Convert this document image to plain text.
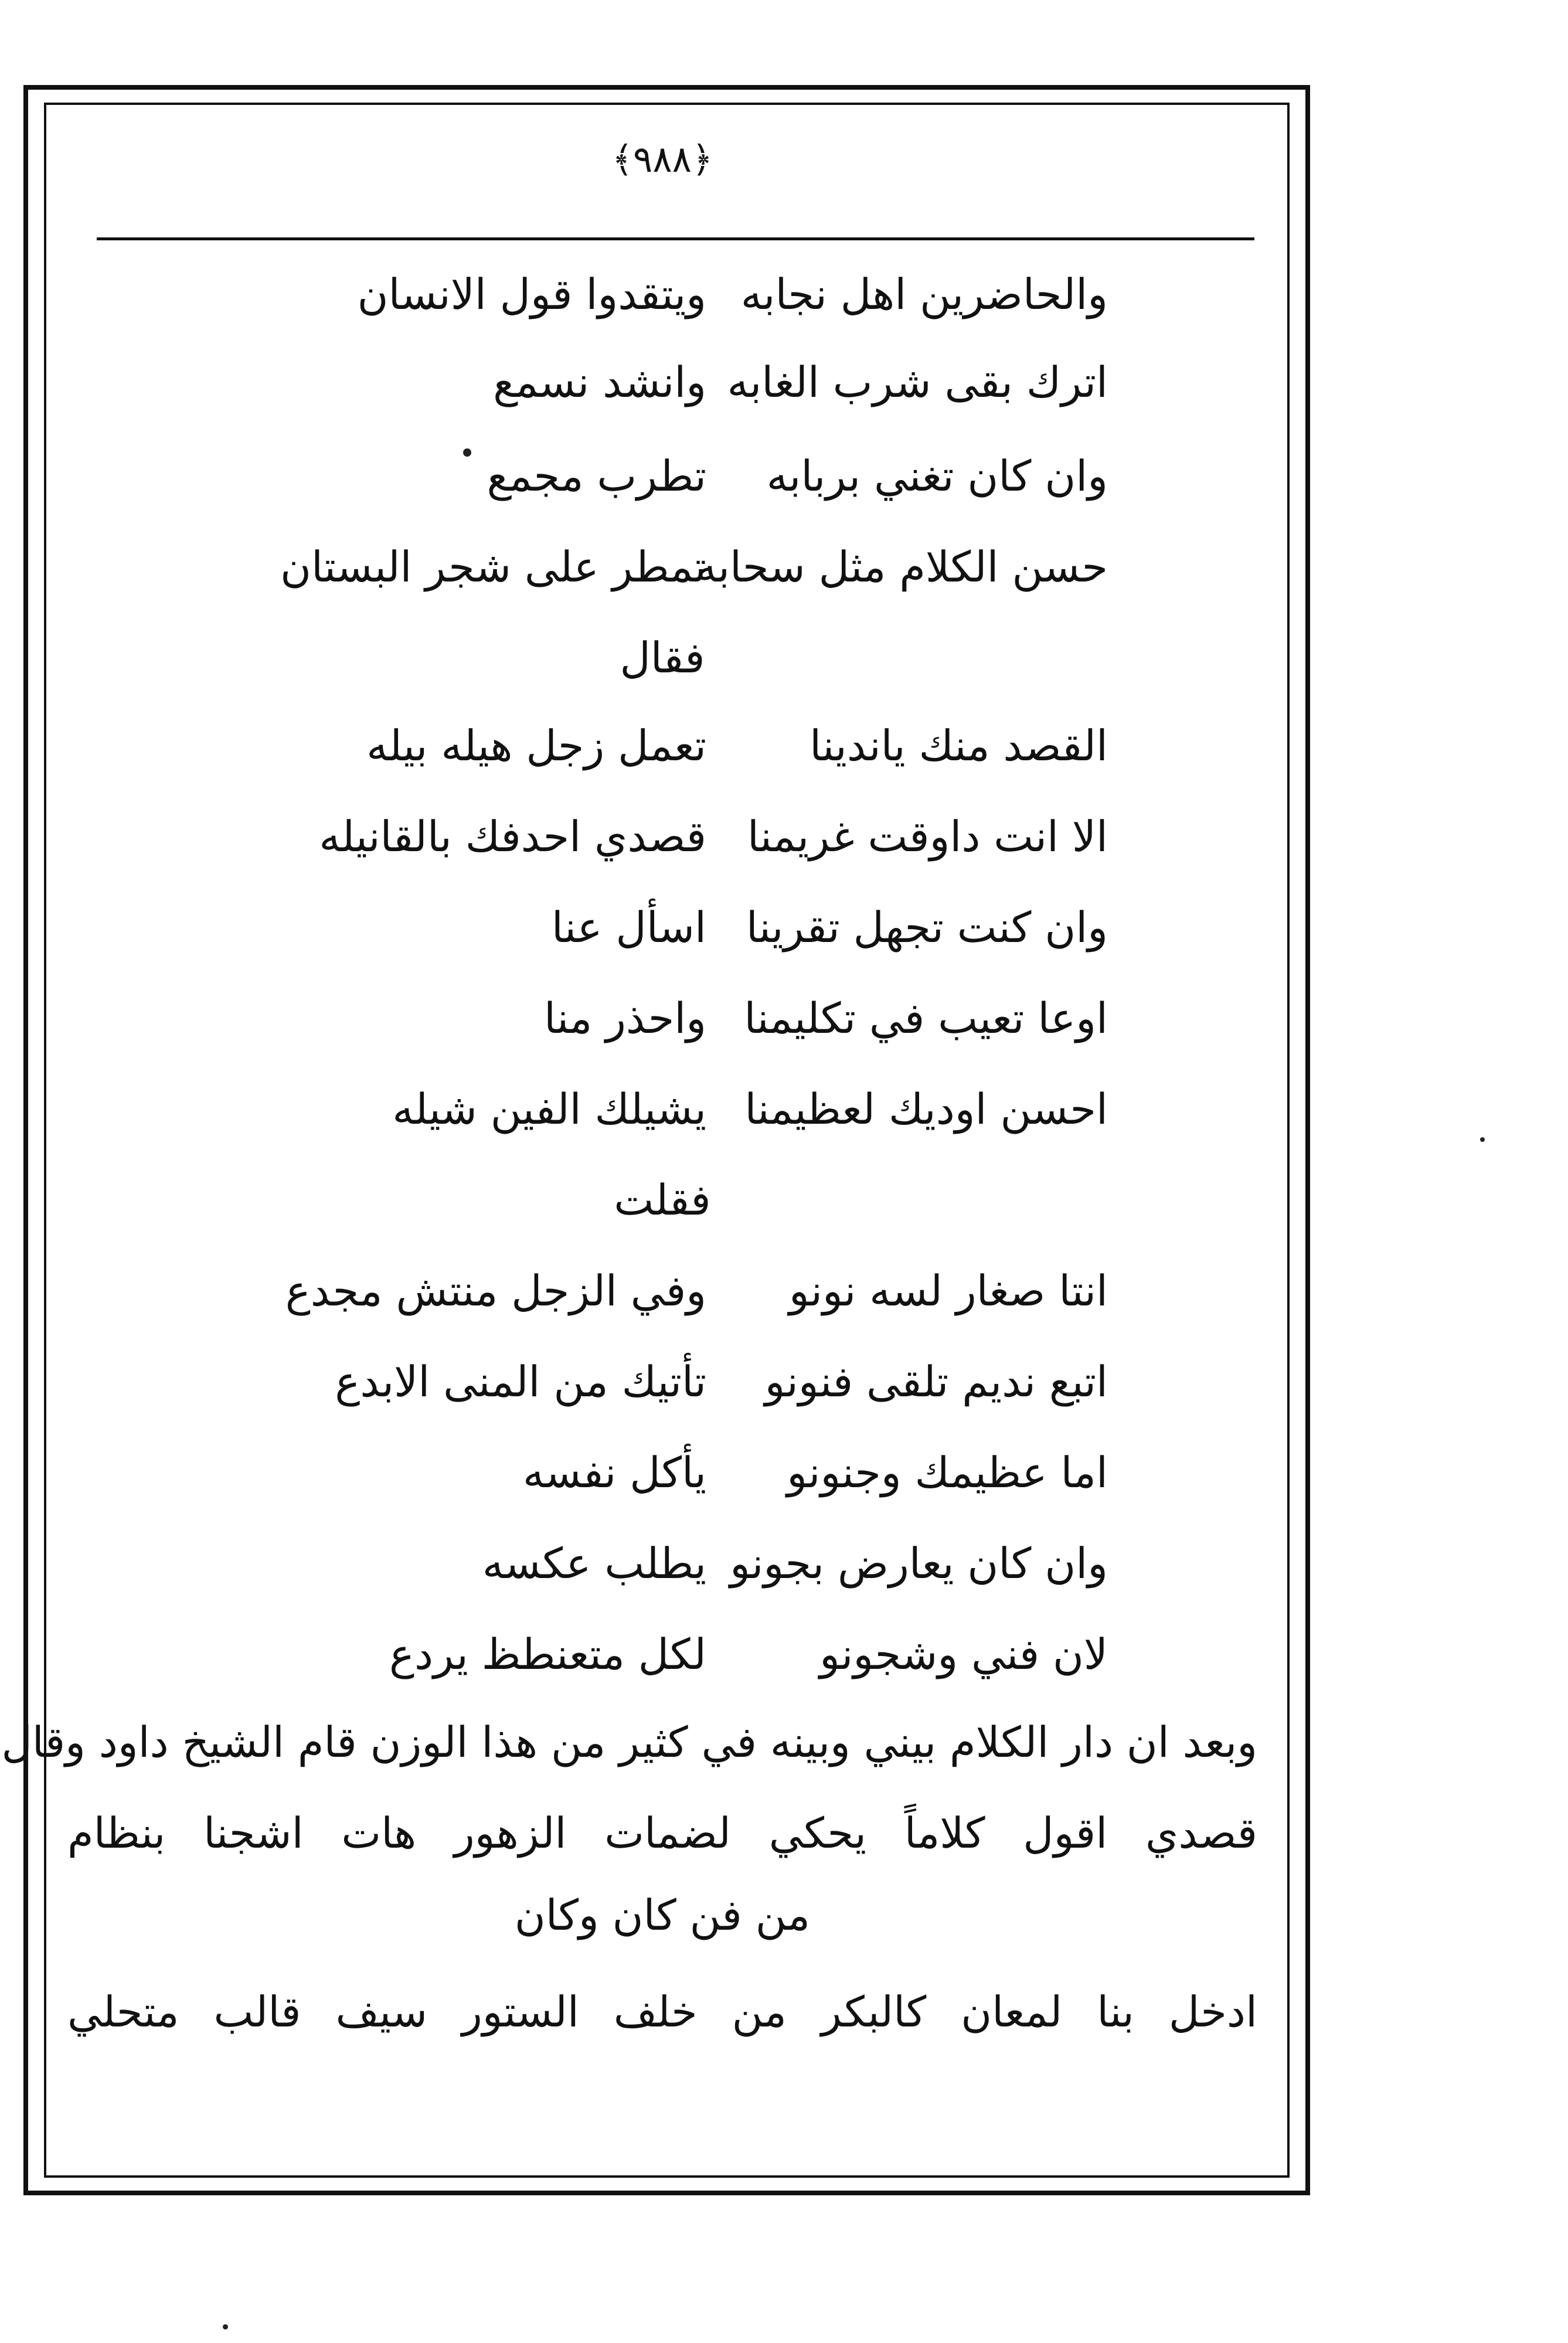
﴿٩٨٨﴾
والحاضرين اهل نجابه
ويتقدوا قول الانسان
اترك بقى شرب الغابه
وانشد نسمع
وان كان تغني بربابه
تطرب مجمع
حسن الكلام مثل سحابه
تمطر على شجر البستان
فقال
القصد منك ياندينا
تعمل زجل هيله بيله
الا انت داوقت غريمنا
قصدي احدفك بالقانيله
وان كنت تجهل تقرينا
اسأل عنا
اوعا تعيب في تكليمنا
واحذر منا
احسن اوديك لعظيمنا
يشيلك الفين شيله
فقلت
انتا صغار لسه نونو
وفي الزجل منتش مجدع
اتبع نديم تلقى فنونو
تأتيك من المنى الابدع
اما عظيمك وجنونو
يأكل نفسه
وان كان يعارض بجونو
يطلب عكسه
لان فني وشجونو
لكل متعنطظ يردع
وبعد ان دار الكلام بيني وبينه في كثير من هذا الوزن قام الشيخ داود وقال
قصدي اقول كلاماً يحكي لضمات الزهور هات اشجنا بنظام
من فن كان وكان
ادخل بنا لمعان كالبكر من خلف الستور سيف قالب متحلي
